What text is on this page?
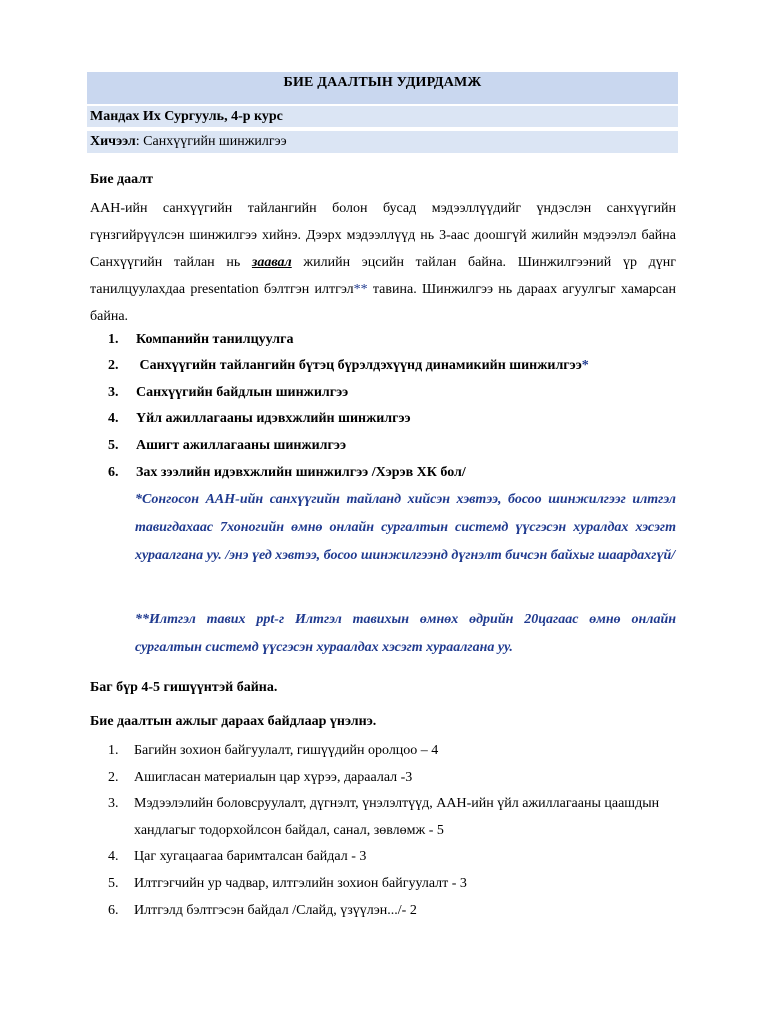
БИЕ ДААЛТЫН УДИРДАМЖ
Мандах Их Сургууль, 4-р курс
Хичээл: Санхүүгийн шинжилгээ
Бие даалт
ААН-ийн санхүүгийн тайлангийн болон бусад мэдээллүүдийг үндэслэн санхүүгийн гүнзгийрүүлсэн шинжилгээ хийнэ. Дээрх мэдээллүүд нь 3-аас доошгүй жилийн мэдээлэл байна Санхүүгийн тайлан нь заавал жилийн эцсийн тайлан байна. Шинжилгээний үр дүнг танилцуулахдаа presentation бэлтгэн илтгэл** тавина. Шинжилгээ нь дараах агуулгыг хамарсан байна.
1. Компанийн танилцуулга
2. Санхүүгийн тайлангийн бүтэц бүрэлдэхүүнд динамикийн шинжилгээ*
3. Санхүүгийн байдлын шинжилгээ
4. Үйл ажиллагааны идэвхжлийн шинжилгээ
5. Ашигт ажиллагааны шинжилгээ
6. Зах зээлийн идэвхжлийн шинжилгээ /Хэрэв ХК бол/
*Сонгосон ААН-ийн санхүүгийн тайланд хийсэн хэвтээ, босоо шинжилгээг илтгэл тавигдахаас 7хоногийн өмнө онлайн сургалтын системд үүсгэсэн хуралдах хэсэгт хураалгана уу. /энэ үед хэвтээ, босоо шинжилгээнд дүгнэлт бичсэн байхыг шаардахгүй/
**Илтгэл тавих ppt-г Илтгэл тавихын өмнөх өдрийн 20цагаас өмнө онлайн сургалтын системд үүсгэсэн хураалдах хэсэгт хураалгана уу.
Баг бүр 4-5 гишүүнтэй байна.
Бие даалтын ажлыг дараах байдлаар үнэлнэ.
1.	Багийн зохион байгуулалт, гишүүдийн оролцоо – 4
2.	Ашигласан материалын цар хүрээ, дараалал -3
3.	Мэдээлэлийн боловсруулалт, дүгнэлт, үнэлэлтүүд, ААН-ийн үйл ажиллагааны цаашдын хандлагыг тодорхойлсон байдал, санал, зөвлөмж - 5
4.	Цаг хугацаагаа баримталсан байдал - 3
5.	Илтгэгчийн ур чадвар, илтгэлийн зохион байгуулалт - 3
6.	Илтгэлд бэлтгэсэн байдал /Слайд, үзүүлэн.../- 2
